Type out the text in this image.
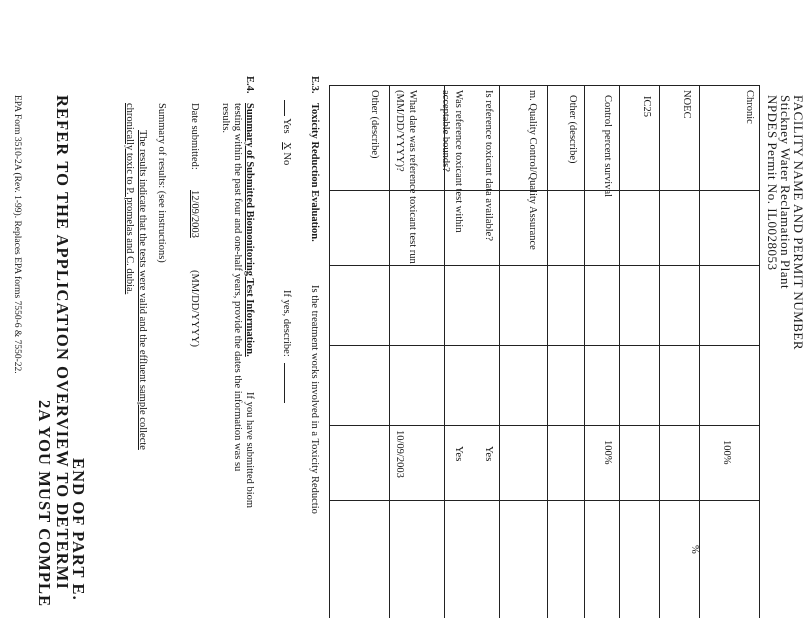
FACILITY NAME AND PERMIT NUMBER
Stickney Water Reclamation Plant
NPDES Permit No. IL0028053
Chronic
NOEC
IC25
Control percent survival
Other (describe)
m. Quality Control/Quality Assurance
Is reference toxicant data available?
Was reference toxicant test within
acceptable bounds?
What date was reference toxicant test run
(MM/DD/YYYY)?
Other (describe)
100%
%
100%
Yes
Yes
10/09/2003
E.3.
Toxicity Reduction Evaluation.
Is the treatment works involved in a Toxicity Reductio
Yes X No
If yes, describe:
E.4.
Summary of Submitted Biomonitoring Test Information.
If you have submitted biom
testing within the past four and one-half years, provide the dates the information was su
results.
Date submitted:
12/09/2003
(MM/DD/YYYY)
Summary of results: (see instructions)
The results indicate that the tests were valid and the effluent sample collecte
chronically toxic to P. promelas and C. dubia.
END OF PART E.
REFER TO THE APPLICATION OVERVIEW TO DETERMI
2A YOU MUST COMPLE
EPA Form 3510-2A (Rev. 1-99). Replaces EPA forms 7550-6 & 7550-22.
